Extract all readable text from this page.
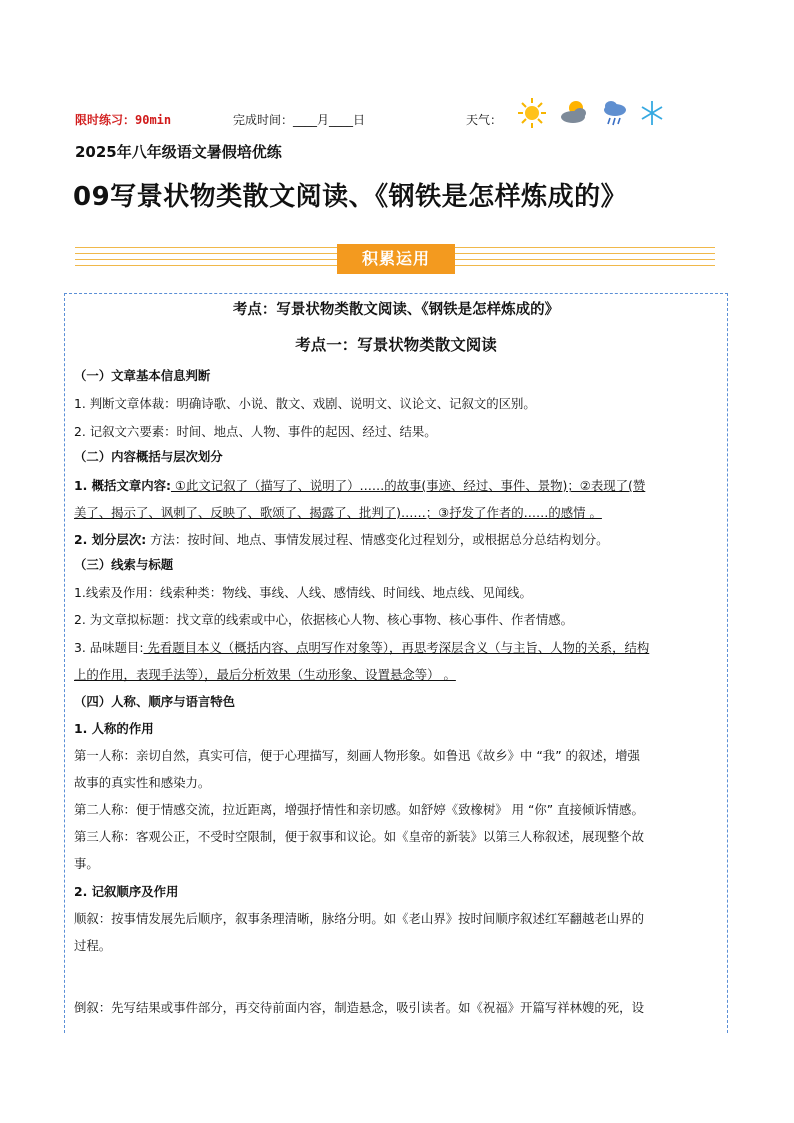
限时练习：90min	完成时间：____月____日	天气：
2025年八年级语文暑假培优练
09写景状物类散文阅读、《钢铁是怎样炼成的》
积累运用
考点：写景状物类散文阅读、《钢铁是怎样炼成的》
考点一：写景状物类散文阅读
（一）文章基本信息判断
1. 判断文章体裁：明确诗歌、小说、散文、戏剧、说明文、议论文、记叙文的区别。
2. 记叙文六要素：时间、地点、人物、事件的起因、经过、结果。
（二）内容概括与层次划分
1. 概括文章内容: ①此文记叙了（描写了、说明了）……的故事(事迹、经过、事件、景物)；②表现了(赞
美了、揭示了、讽刺了、反映了、歌颂了、揭露了、批判了)……；③抒发了作者的……的感情 。
2. 划分层次: 方法：按时间、地点、事情发展过程、情感变化过程划分，或根据总分总结构划分。
（三）线索与标题
1.线索及作用：线索种类：物线、事线、人线、感情线、时间线、地点线、见闻线。
2. 为文章拟标题：找文章的线索或中心，依据核心人物、核心事物、核心事件、作者情感。
3. 品味题目: 先看题目本义（概括内容、点明写作对象等），再思考深层含义（与主旨、人物的关系，结构
上的作用，表现手法等），最后分析效果（生动形象、设置悬念等） 。
（四）人称、顺序与语言特色
1. 人称的作用
第一人称：亲切自然，真实可信，便于心理描写，刻画人物形象。如鲁迅《故乡》中 “我” 的叙述，增强
故事的真实性和感染力。
第二人称：便于情感交流，拉近距离，增强抒情性和亲切感。如舒婷《致橡树》 用 “你” 直接倾诉情感。
第三人称：客观公正，不受时空限制，便于叙事和议论。如《皇帝的新装》以第三人称叙述，展现整个故
事。
2. 记叙顺序及作用
顺叙：按事情发展先后顺序，叙事条理清晰，脉络分明。如《老山界》按时间顺序叙述红军翻越老山界的
过程。
倒叙：先写结果或事件部分，再交待前面内容，制造悬念，吸引读者。如《祝福》开篇写祥林嫂的死，设
